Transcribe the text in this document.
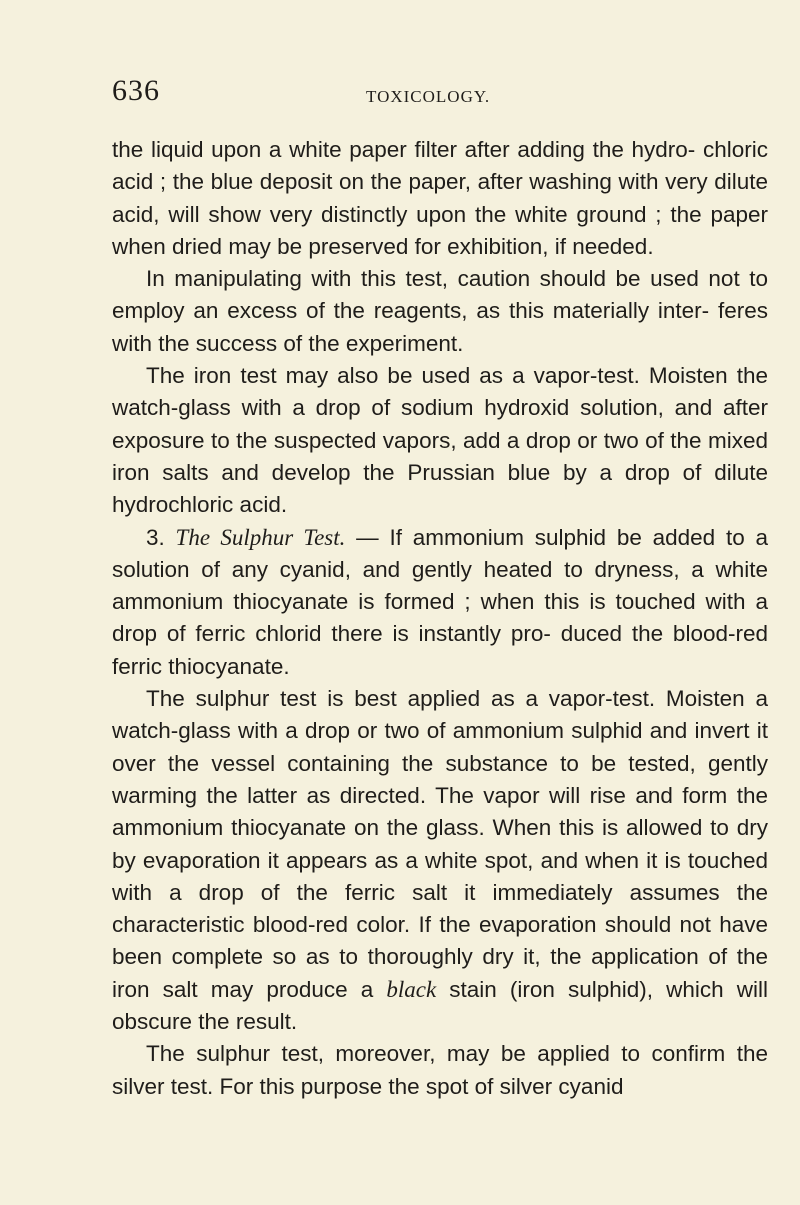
636	TOXICOLOGY.

the liquid upon a white paper filter after adding the hydro- chloric acid ; the blue deposit on the paper, after washing with very dilute acid, will show very distinctly upon the white ground ; the paper when dried may be preserved for exhibition, if needed.

In manipulating with this test, caution should be used not to employ an excess of the reagents, as this materially inter- feres with the success of the experiment.

The iron test may also be used as a vapor-test. Moisten the watch-glass with a drop of sodium hydroxid solution, and after exposure to the suspected vapors, add a drop or two of the mixed iron salts and develop the Prussian blue by a drop of dilute hydrochloric acid.

3. The Sulphur Test. — If ammonium sulphid be added to a solution of any cyanid, and gently heated to dryness, a white ammonium thiocyanate is formed ; when this is touched with a drop of ferric chlorid there is instantly pro- duced the blood-red ferric thiocyanate.

The sulphur test is best applied as a vapor-test. Moisten a watch-glass with a drop or two of ammonium sulphid and invert it over the vessel containing the substance to be tested, gently warming the latter as directed. The vapor will rise and form the ammonium thiocyanate on the glass. When this is allowed to dry by evaporation it appears as a white spot, and when it is touched with a drop of the ferric salt it immediately assumes the characteristic blood-red color. If the evaporation should not have been complete so as to thoroughly dry it, the application of the iron salt may produce a black stain (iron sulphid), which will obscure the result.

The sulphur test, moreover, may be applied to confirm the silver test. For this purpose the spot of silver cyanid
